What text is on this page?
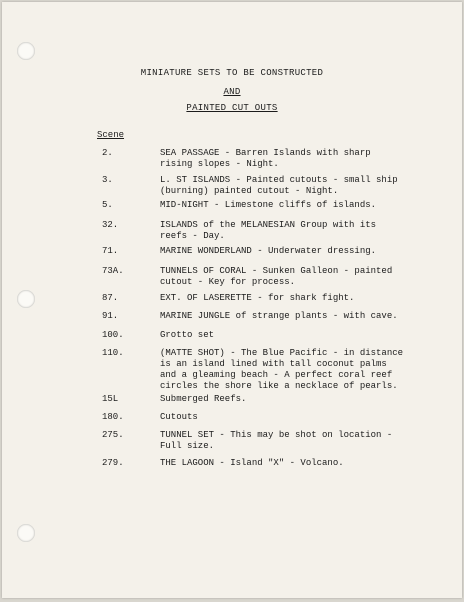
MINIATURE SETS TO BE CONSTRUCTED
AND
PAINTED CUT OUTS
Scene
2.	SEA PASSAGE - Barren Islands with sharp rising slopes - Night.
3.	L. ST ISLANDS - Painted cutouts - small ship (burning) painted cutout - Night.
5.	MID-NIGHT - Limestone cliffs of islands.
32.	ISLANDS of the MELANESIAN Group with its reefs - Day.
71.	MARINE WONDERLAND - Underwater dressing.
73A.	TUNNELS OF CORAL - Sunken Galleon - painted cutout - Key for process.
87.	EXT. OF LASERETTE - for shark fight.
91.	MARINE JUNGLE of strange plants - with cave.
100.	Grotto set
110.	(MATTE SHOT) - The Blue Pacific - in distance is an island lined with tall coconut palms and a gleaming beach - A perfect coral reef circles the shore like a necklace of pearls.
15L	Submerged Reefs.
180.	Cutouts
275.	TUNNEL SET - This may be shot on location - Full size.
279.	THE LAGOON - Island "X" - Volcano.
